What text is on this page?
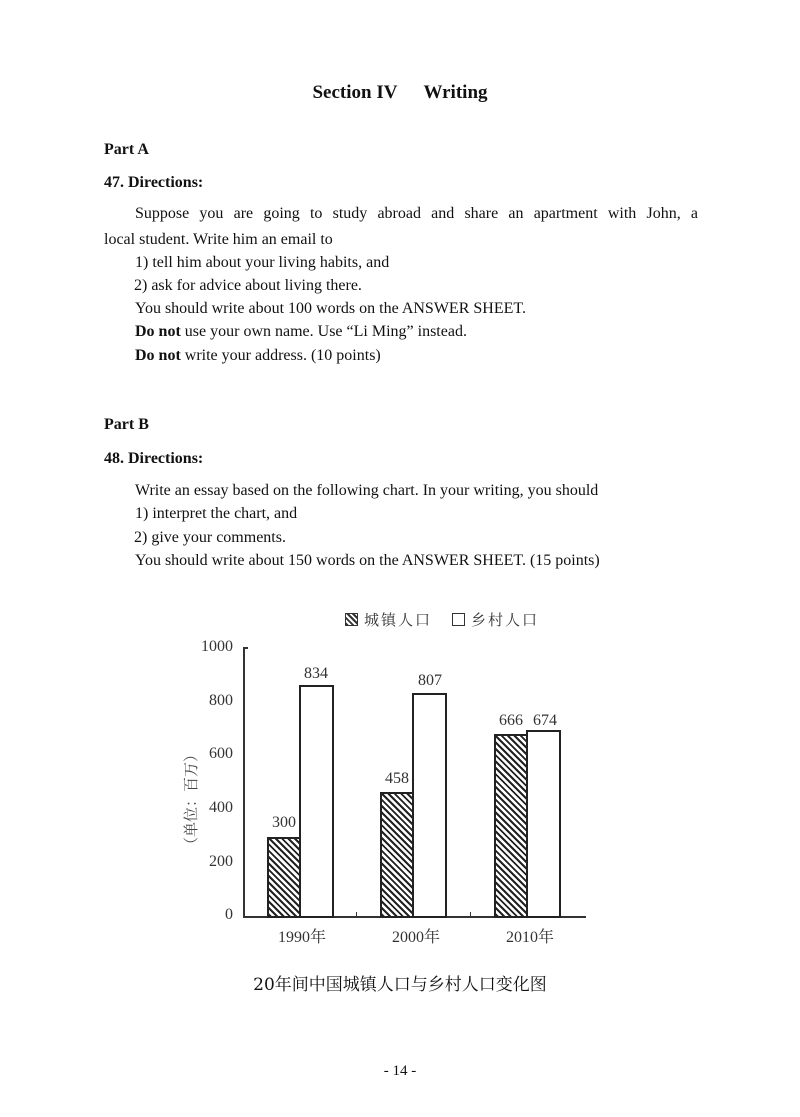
Section IV Writing
Part A
47. Directions:
Suppose you are going to study abroad and share an apartment with John, a
local student. Write him an email to
1) tell him about your living habits, and
2) ask for advice about living there.
You should write about 100 words on the ANSWER SHEET.
Do not use your own name. Use “Li Ming” instead.
Do not write your address. (10 points)
Part B
48. Directions:
Write an essay based on the following chart. In your writing, you should
1) interpret the chart, and
2) give your comments.
You should write about 150 words on the ANSWER SHEET. (15 points)
城镇人口	乡村人口
（单位：百万）
0
200
400
600
800
1000
300
834
458
807
666 674
1990年	2000年	2010年
20年间中国城镇人口与乡村人口变化图
- 14 -
